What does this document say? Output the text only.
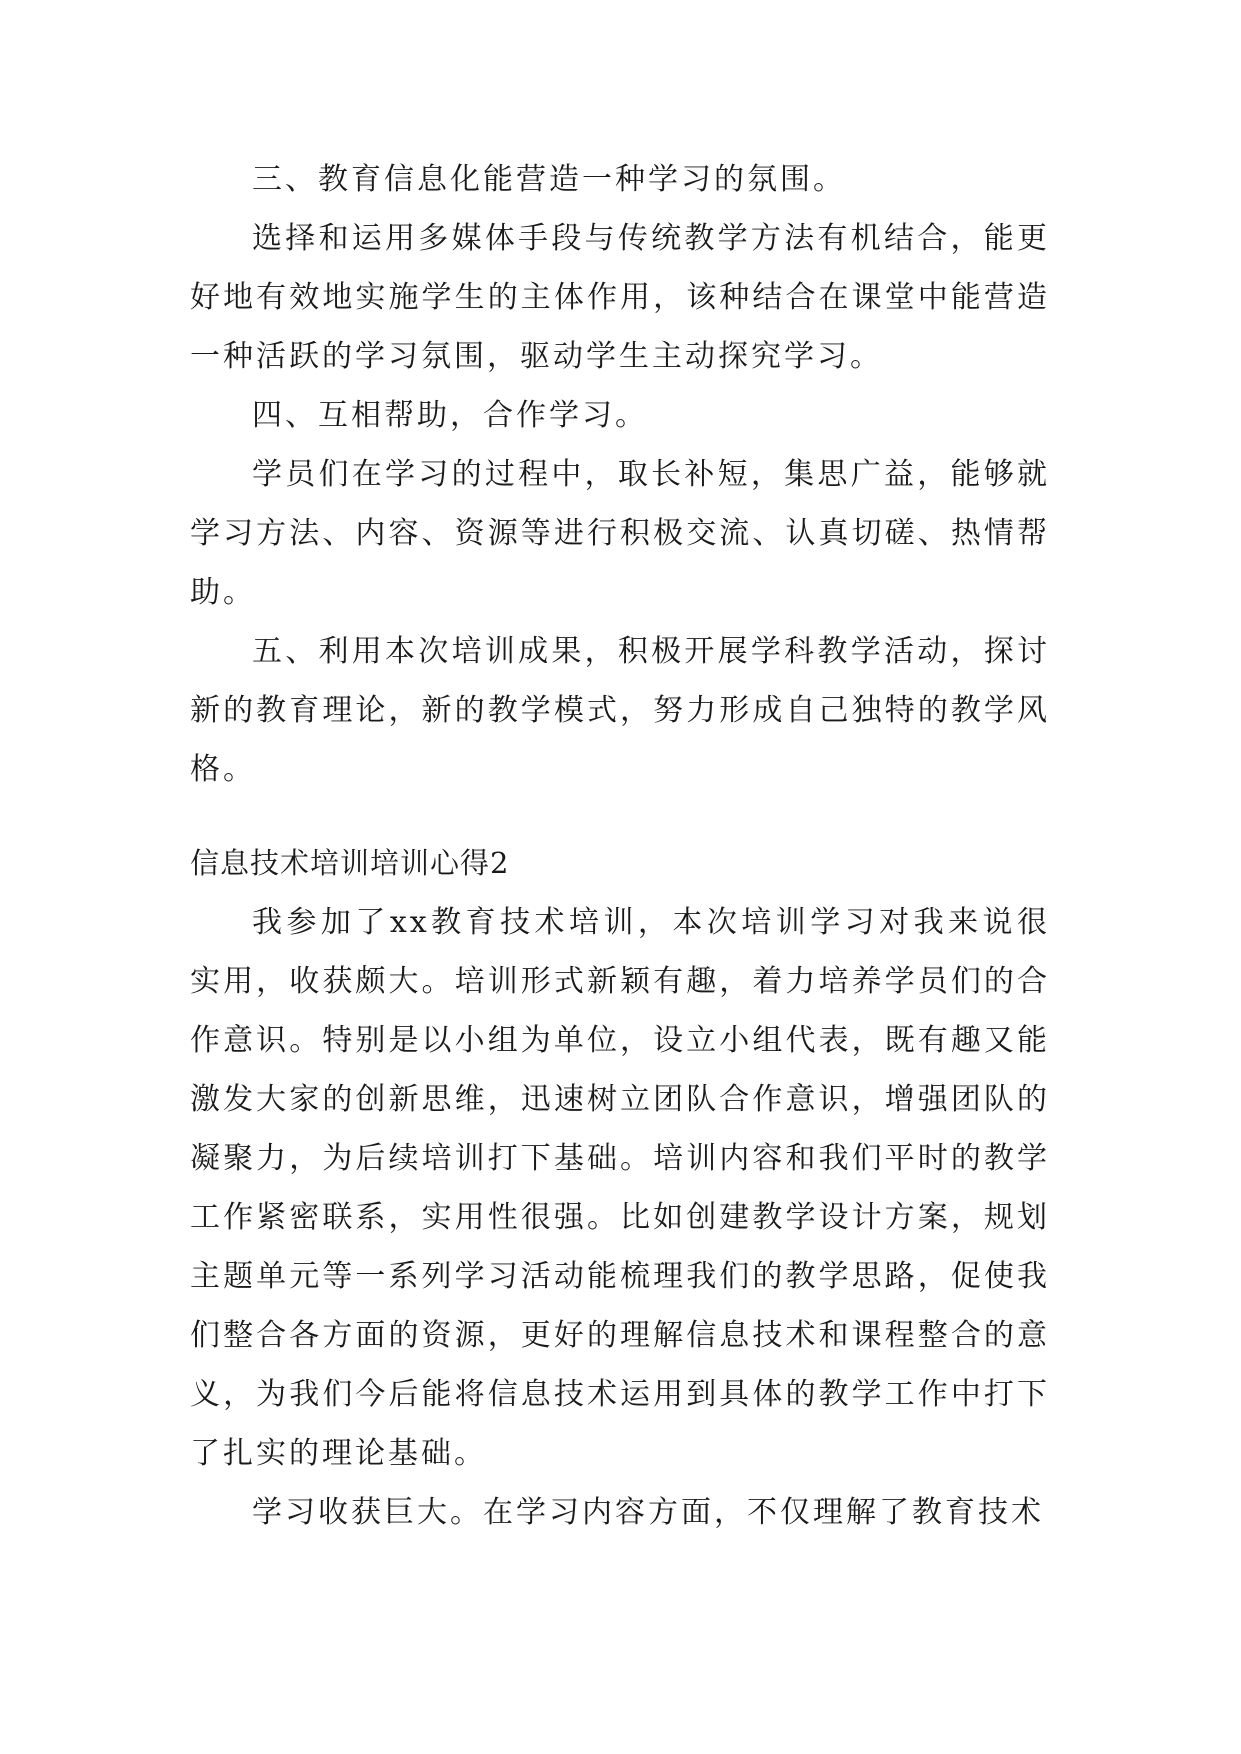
三、教育信息化能营造一种学习的氛围。

选择和运用多媒体手段与传统教学方法有机结合，能更好地有效地实施学生的主体作用，该种结合在课堂中能营造一种活跃的学习氛围，驱动学生主动探究学习。

四、互相帮助，合作学习。

学员们在学习的过程中，取长补短，集思广益，能够就学习方法、内容、资源等进行积极交流、认真切磋、热情帮助。

五、利用本次培训成果，积极开展学科教学活动，探讨新的教育理论，新的教学模式，努力形成自己独特的教学风格。

信息技术培训培训心得2

我参加了xx教育技术培训，本次培训学习对我来说很实用，收获颇大。培训形式新颖有趣，着力培养学员们的合作意识。特别是以小组为单位，设立小组代表，既有趣又能激发大家的创新思维，迅速树立团队合作意识，增强团队的凝聚力，为后续培训打下基础。培训内容和我们平时的教学工作紧密联系，实用性很强。比如创建教学设计方案，规划主题单元等一系列学习活动能梳理我们的教学思路，促使我们整合各方面的资源，更好的理解信息技术和课程整合的意义，为我们今后能将信息技术运用到具体的教学工作中打下了扎实的理论基础。

学习收获巨大。在学习内容方面，不仅理解了教育技术
